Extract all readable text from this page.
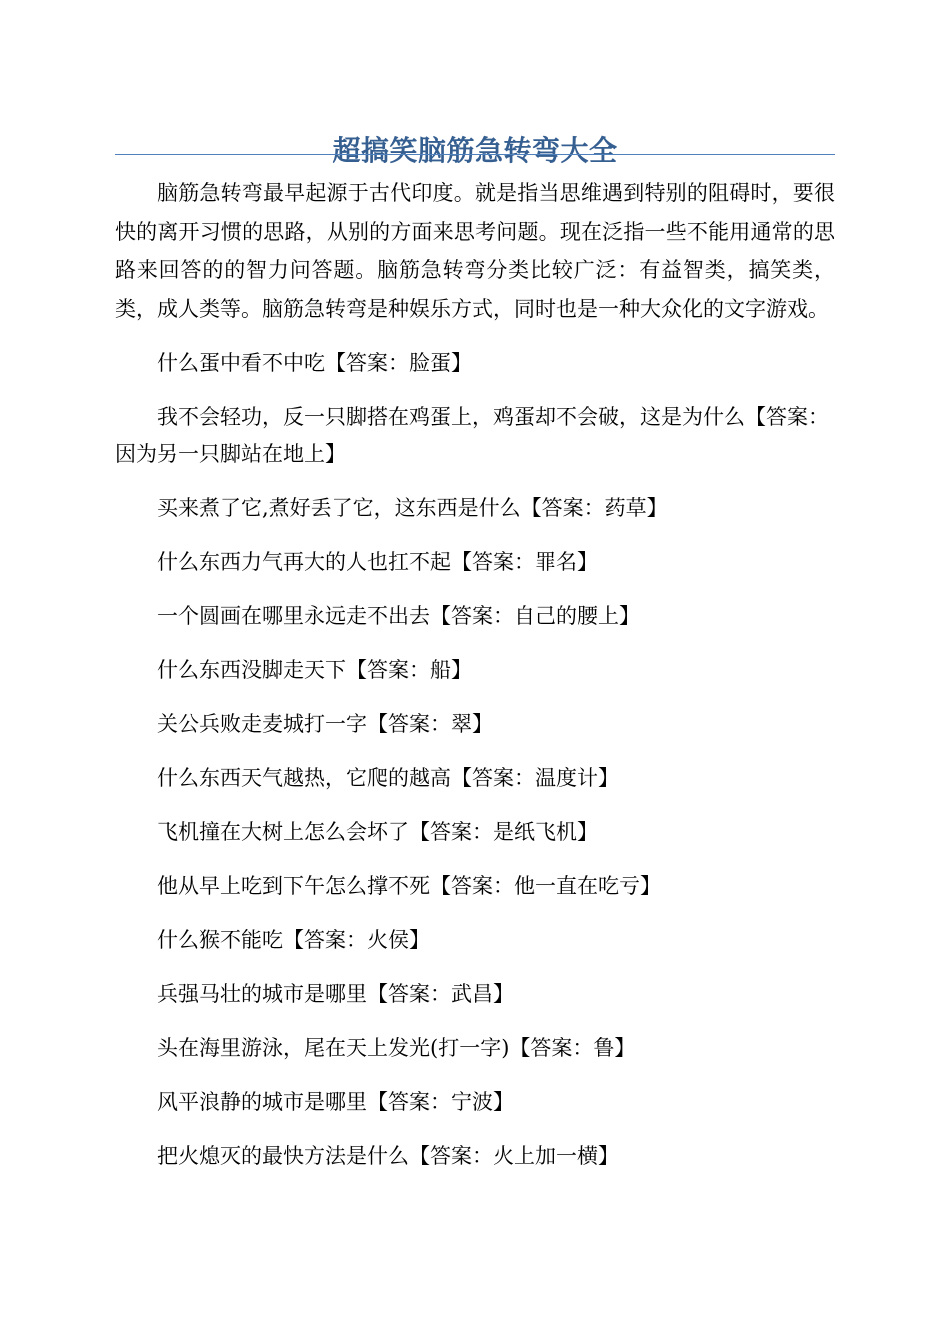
超搞笑脑筋急转弯大全

脑筋急转弯最早起源于古代印度。就是指当思维遇到特别的阻碍时，要很快的离开习惯的思路，从别的方面来思考问题。现在泛指一些不能用通常的思路来回答的的智力问答题。脑筋急转弯分类比较广泛：有益智类，搞笑类，类，成人类等。脑筋急转弯是种娱乐方式，同时也是一种大众化的文字游戏。

什么蛋中看不中吃【答案：脸蛋】
我不会轻功，反一只脚搭在鸡蛋上，鸡蛋却不会破，这是为什么【答案：因为另一只脚站在地上】
买来煮了它,煮好丢了它，这东西是什么【答案：药草】
什么东西力气再大的人也扛不起【答案：罪名】
一个圆画在哪里永远走不出去【答案：自己的腰上】
什么东西没脚走天下【答案：船】
关公兵败走麦城打一字【答案：翠】
什么东西天气越热，它爬的越高【答案：温度计】
飞机撞在大树上怎么会坏了【答案：是纸飞机】
他从早上吃到下午怎么撑不死【答案：他一直在吃亏】
什么猴不能吃【答案：火侯】
兵强马壮的城市是哪里【答案：武昌】
头在海里游泳，尾在天上发光(打一字)【答案：鲁】
风平浪静的城市是哪里【答案：宁波】
把火熄灭的最快方法是什么【答案：火上加一横】
